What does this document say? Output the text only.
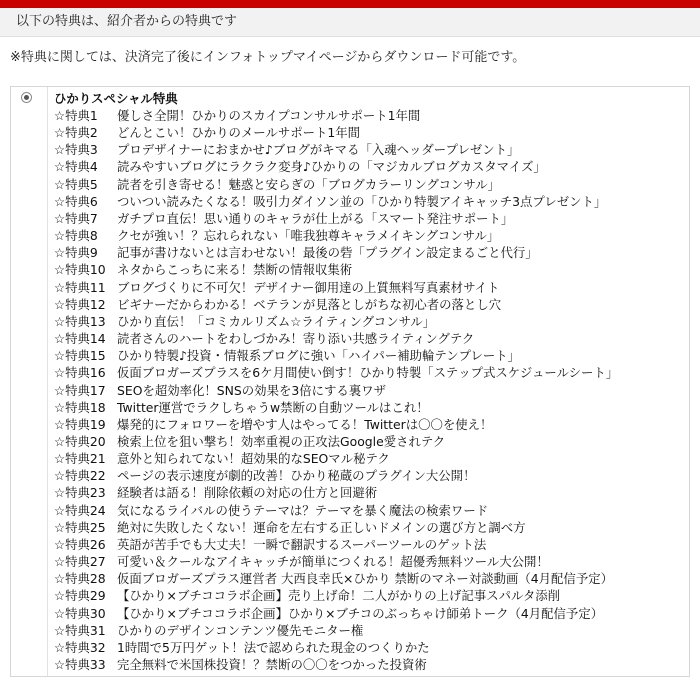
以下の特典は、紹介者からの特典です
※特典に関しては、決済完了後にインフォトップマイページからダウンロード可能です。
ひかりスペシャル特典
☆特典1 優しさ全開！ひかりのスカイプコンサルサポート1年間
☆特典2 どんとこい！ひかりのメールサポート1年間
☆特典3 プロデザイナーにおまかせ♪ブログがキマる「入魂ヘッダープレゼント」
☆特典4 読みやすいブログにラクラク変身♪ひかりの「マジカルブログカスタマイズ」
☆特典5 読者を引き寄せる！魅惑と安らぎの「ブログカラーリングコンサル」
☆特典6 ついつい読みたくなる！吸引力ダイソン並の「ひかり特製アイキャッチ3点プレゼント」
☆特典7 ガチプロ直伝！思い通りのキャラが仕上がる「スマート発注サポート」
☆特典8 クセが強い！？忘れられない「唯我独尊キャラメイキングコンサル」
☆特典9 記事が書けないとは言わせない！最後の砦「プラグイン設定まるごと代行」
☆特典10 ネタからこっちに来る！禁断の情報収集術
☆特典11 ブログづくりに不可欠！デザイナー御用達の上質無料写真素材サイト
☆特典12 ビギナーだからわかる！ベテランが見落としがちな初心者の落とし穴
☆特典13 ひかり直伝！「コミカルリズム☆ライティングコンサル」
☆特典14 読者さんのハートをわしづかみ！寄り添い共感ライティングテク
☆特典15 ひかり特製♪投資・情報系ブログに強い「ハイパー補助輪テンプレート」
☆特典16 仮面ブロガーズプラスを6ケ月間使い倒す！ひかり特製「ステップ式スケジュールシート」
☆特典17 SEOを超効率化！SNSの効果を3倍にする裏ワザ
☆特典18 Twitter運営でラクしちゃうw禁断の自動ツールはこれ！
☆特典19 爆発的にフォロワーを増やす人はやってる！Twitterは〇〇を使え！
☆特典20 検索上位を狙い撃ち！効率重視の正攻法Google愛されテク
☆特典21 意外と知られてない！超効果的なSEOマル秘テク
☆特典22 ページの表示速度が劇的改善！ひかり秘蔵のプラグイン大公開！
☆特典23 経験者は語る！削除依頼の対応の仕方と回避術
☆特典24 気になるライバルの使うテーマは？テーマを暴く魔法の検索ワード
☆特典25 絶対に失敗したくない！運命を左右する正しいドメインの選び方と調べ方
☆特典26 英語が苦手でも大丈夫！一瞬で翻訳するスーパーツールのゲット法
☆特典27 可愛い＆クールなアイキャッチが簡単につくれる！超優秀無料ツール大公開！
☆特典28 仮面ブロガーズプラス運営者 大西良幸氏×ひかり 禁断のマネー対談動画（4月配信予定）
☆特典29 【ひかり×ブチココラボ企画】売り上げ命！二人がかりの上げ記事スパルタ添削
☆特典30 【ひかり×ブチココラボ企画】ひかり×ブチコのぶっちゃけ師弟トーク（4月配信予定）
☆特典31 ひかりのデザインコンテンツ優先モニター権
☆特典32 1時間で5万円ゲット！法で認められた現金のつくりかた
☆特典33 完全無料で米国株投資！？禁断の〇〇をつかった投資術
